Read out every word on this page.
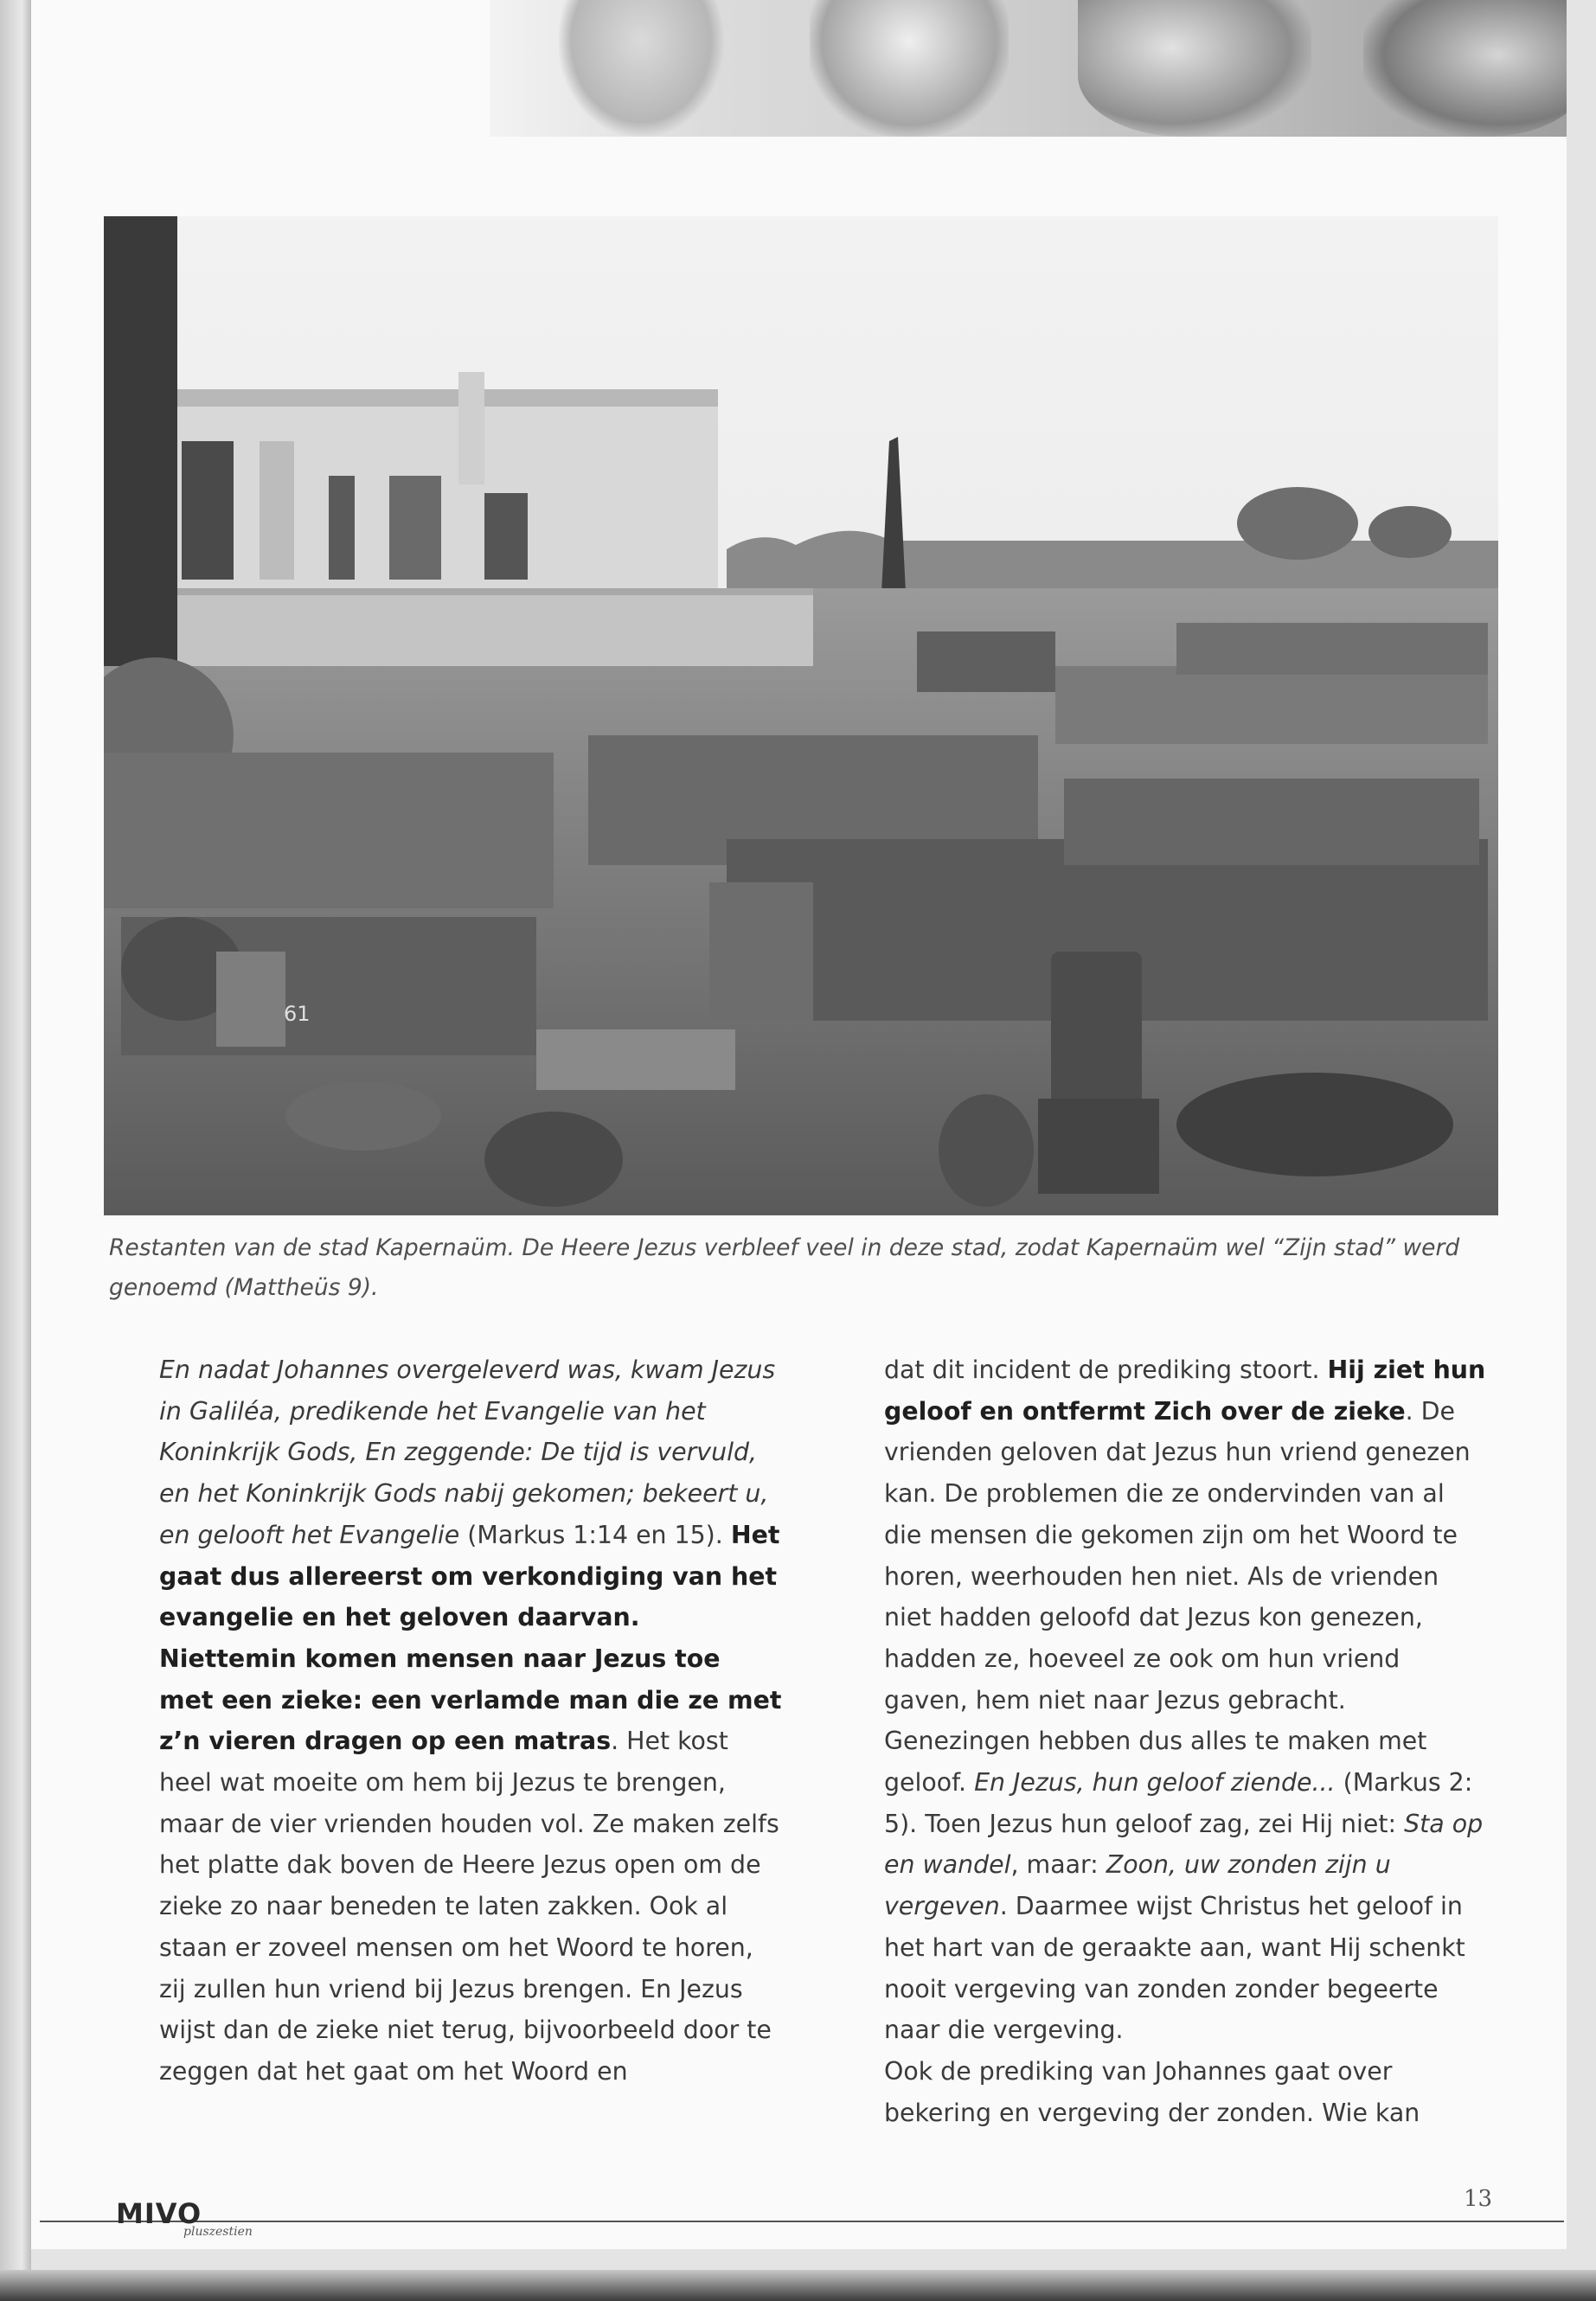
61
Restanten van de stad Kapernaüm. De Heere Jezus verbleef veel in deze stad, zodat Kapernaüm wel “Zijn stad” werd genoemd (Mattheüs 9).

En nadat Johannes overgeleverd was, kwam Jezus in Galiléa, predikende het Evangelie van het Koninkrijk Gods, En zeggende: De tijd is vervuld, en het Koninkrijk Gods nabij gekomen; bekeert u, en gelooft het Evangelie (Markus 1:14 en 15). Het gaat dus allereerst om verkondiging van het evangelie en het geloven daarvan. Niettemin komen mensen naar Jezus toe met een zieke: een verlamde man die ze met z’n vieren dragen op een matras. Het kost heel wat moeite om hem bij Jezus te brengen, maar de vier vrienden houden vol. Ze maken zelfs het platte dak boven de Heere Jezus open om de zieke zo naar beneden te laten zakken. Ook al staan er zoveel mensen om het Woord te horen, zij zullen hun vriend bij Jezus brengen. En Jezus wijst dan de zieke niet terug, bijvoorbeeld door te zeggen dat het gaat om het Woord en

dat dit incident de prediking stoort. Hij ziet hun geloof en ontfermt Zich over de zieke. De vrienden geloven dat Jezus hun vriend genezen kan. De problemen die ze ondervinden van al die mensen die gekomen zijn om het Woord te horen, weerhouden hen niet. Als de vrienden niet hadden geloofd dat Jezus kon genezen, hadden ze, hoeveel ze ook om hun vriend gaven, hem niet naar Jezus gebracht. Genezingen hebben dus alles te maken met geloof. En Jezus, hun geloof ziende... (Markus 2: 5). Toen Jezus hun geloof zag, zei Hij niet: Sta op en wandel, maar: Zoon, uw zonden zijn u vergeven. Daarmee wijst Christus het geloof in het hart van de geraakte aan, want Hij schenkt nooit vergeving van zonden zonder begeerte naar die vergeving.

Ook de prediking van Johannes gaat over bekering en vergeving der zonden. Wie kan

MIVO
pluszestien
13
